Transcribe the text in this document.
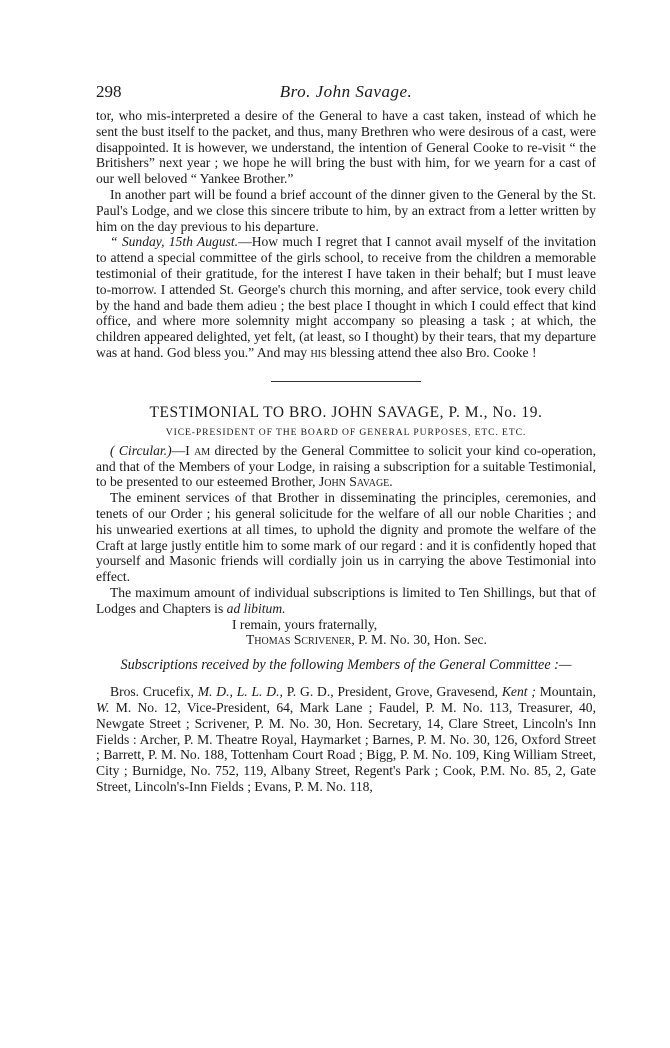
298	Bro. John Savage.

tor, who mis-interpreted a desire of the General to have a cast taken, instead of which he sent the bust itself to the packet, and thus, many Brethren who were desirous of a cast, were disappointed. It is however, we understand, the intention of General Cooke to re-visit “ the Britishers” next year ; we hope he will bring the bust with him, for we yearn for a cast of our well beloved “ Yankee Brother.”

In another part will be found a brief account of the dinner given to the General by the St. Paul's Lodge, and we close this sincere tribute to him, by an extract from a letter written by him on the day previous to his departure.

“ Sunday, 15th August.—How much I regret that I cannot avail myself of the invitation to attend a special committee of the girls school, to receive from the children a memorable testimonial of their gratitude, for the interest I have taken in their behalf; but I must leave to-morrow. I attended St. George's church this morning, and after service, took every child by the hand and bade them adieu ; the best place I thought in which I could effect that kind office, and where more solemnity might accompany so pleasing a task ; at which, the children appeared delighted, yet felt, (at least, so I thought) by their tears, that my departure was at hand. God bless you.” And may his blessing attend thee also Bro. Cooke !

TESTIMONIAL TO BRO. JOHN SAVAGE, P. M., No. 19.
VICE-PRESIDENT OF THE BOARD OF GENERAL PURPOSES, ETC. ETC.

( Circular.)—I am directed by the General Committee to solicit your kind co-operation, and that of the Members of your Lodge, in raising a subscription for a suitable Testimonial, to be presented to our esteemed Brother, John Savage.

The eminent services of that Brother in disseminating the principles, ceremonies, and tenets of our Order ; his general solicitude for the welfare of all our noble Charities ; and his unwearied exertions at all times, to uphold the dignity and promote the welfare of the Craft at large justly entitle him to some mark of our regard : and it is confidently hoped that yourself and Masonic friends will cordially join us in carrying the above Testimonial into effect.

The maximum amount of individual subscriptions is limited to Ten Shillings, but that of Lodges and Chapters is ad libitum.

I remain, yours fraternally,
Thomas Scrivener, P. M. No. 30, Hon. Sec.
Subscriptions received by the following Members of the General Committee :—

Bros. Crucefix, M. D., L. L. D., P. G. D., President, Grove, Gravesend, Kent ; Mountain, W. M. No. 12, Vice-President, 64, Mark Lane ; Faudel, P. M. No. 113, Treasurer, 40, Newgate Street ; Scrivener, P. M. No. 30, Hon. Secretary, 14, Clare Street, Lincoln's Inn Fields : Archer, P. M. Theatre Royal, Haymarket ; Barnes, P. M. No. 30, 126, Oxford Street ; Barrett, P. M. No. 188, Tottenham Court Road ; Bigg, P. M. No. 109, King William Street, City ; Burnidge, No. 752, 119, Albany Street, Regent's Park ; Cook, P.M. No. 85, 2, Gate Street, Lincoln's-Inn Fields ; Evans, P. M. No. 118,
